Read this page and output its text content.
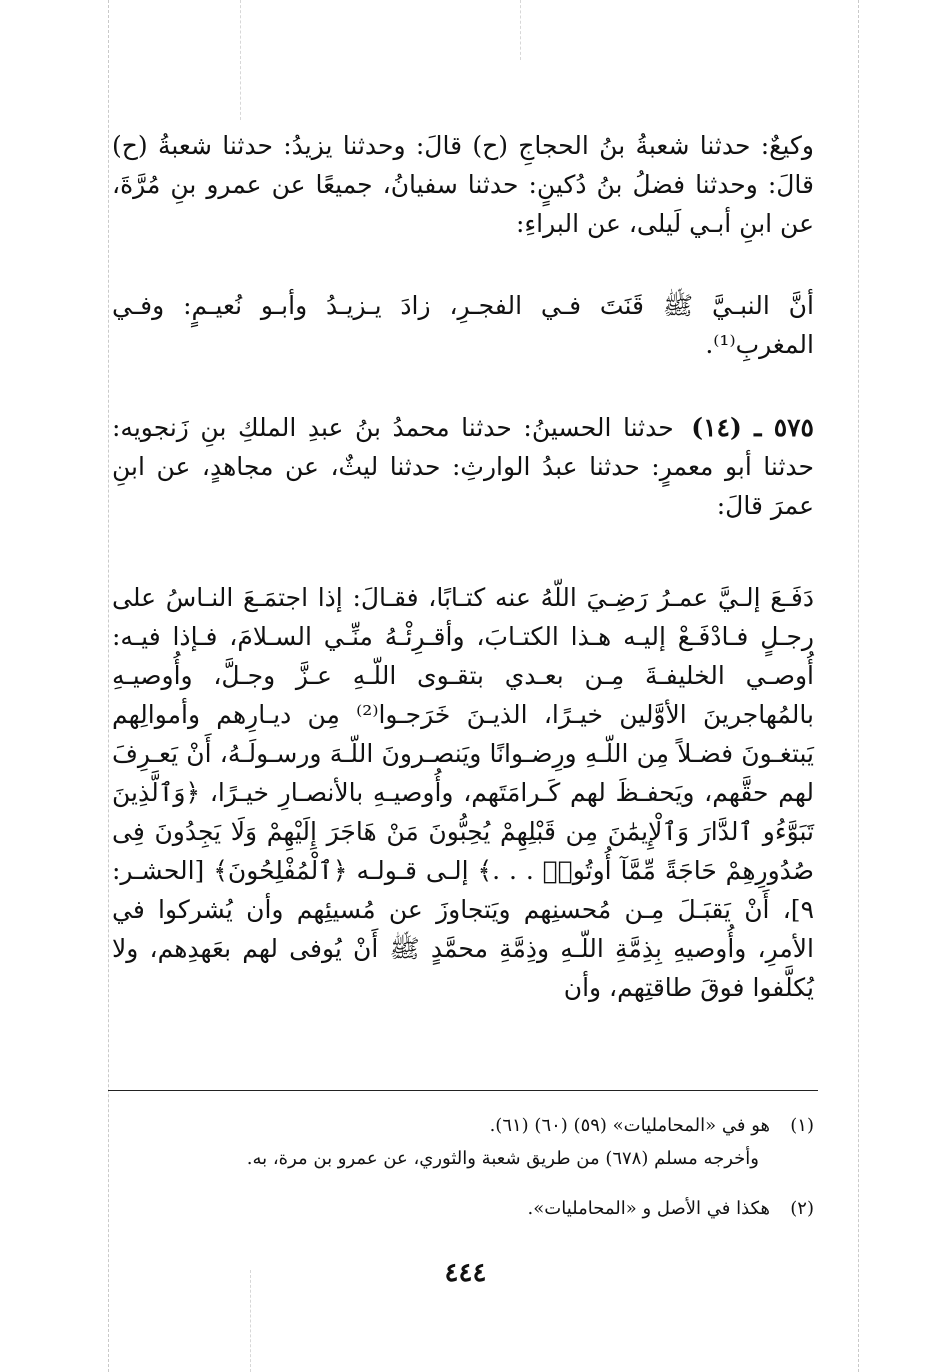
وكيعٌ: حدثنا شعبةُ بنُ الحجاجِ (ح) قالَ: وحدثنا يزيدُ: حدثنا شعبةُ (ح) قالَ: وحدثنا فضلُ بنُ دُكينٍ: حدثنا سفيانُ، جميعًا عن عمرو بنِ مُرَّةَ، عن ابنِ أبـي لَيلى، عن البراءِ:

أنَّ النبـيَّ ﷺ قَنَتَ فـي الفجـرِ، زادَ يـزيـدُ وأبـو نُعيـمٍ: وفـي المغربِ⁽¹⁾.

٥٧٥ ـ (١٤) حدثنا الحسينُ: حدثنا محمدُ بنُ عبدِ الملكِ بنِ زَنجويه: حدثنا أبو معمرٍ: حدثنا عبدُ الوارثِ: حدثنا ليثٌ، عن مجاهدٍ، عن ابنِ عمرَ قالَ:

دَفَـعَ إلـيَّ عمـرُ رَضِـيَ اللّهُ عنه كتـابًا، فقـالَ: إذا اجتمَـعَ النـاسُ على رجـلٍ فـادْفَـعْ إليـه هـذا الكتـابَ، وأقـرِئْـهُ منِّـي السـلامَ، فـإذا فيـه: أُوصـي الخليفـةَ مِـن بعـدي بتقـوى اللّـهِ عـزَّ وجـلَّ، وأُوصيـهِ بالمُهاجرينَ الأوَّلين خيـرًا، الذيـنَ خَرَجـوا⁽²⁾ مِن ديـارِهم وأموالِهم يَبتغـونَ فضـلاً مِن اللّـهِ ورِضـوانًا ويَنصـرونَ اللّـهَ ورسـولَـهُ، أَنْ يَعـرِفَ لهم حقَّهم، ويَحفـظَ لهم كَـرامَتَهم، وأُوصيـهِ بالأنصـارِ خيـرًا، ﴿وَٱلَّذِينَ تَبَوَّءُو ٱلدَّارَ وَٱلْإِيمَٰنَ مِن قَبْلِهِمْ يُحِبُّونَ مَنْ هَاجَرَ إِلَيْهِمْ وَلَا يَجِدُونَ فِى صُدُورِهِمْ حَاجَةً مِّمَّآ أُوتُوا۟ . . .﴾ إلـى قـولـه ﴿ٱلْمُفْلِحُونَ﴾ [الحشـر: ٩]، أَنْ يَقبَـلَ مِـن مُحسنِهم ويَتجاوزَ عن مُسيئِهم وأن يُشركوا في الأمرِ، وأُوصيهِ بِذِمَّةِ اللّـهِ وذِمَّةِ محمَّدٍ ﷺ أَنْ يُوفى لهم بعَهدِهم، ولا يُكلَّفوا فوقَ طاقتِهم، وأن

(١)هو في «المحامليات» (٥٩) (٦٠) (٦١).

وأخرجه مسلم (٦٧٨) من طريق شعبة والثوري، عن عمرو بن مرة، به.

(٢)هكذا في الأصل و «المحامليات».

٤٤٤
